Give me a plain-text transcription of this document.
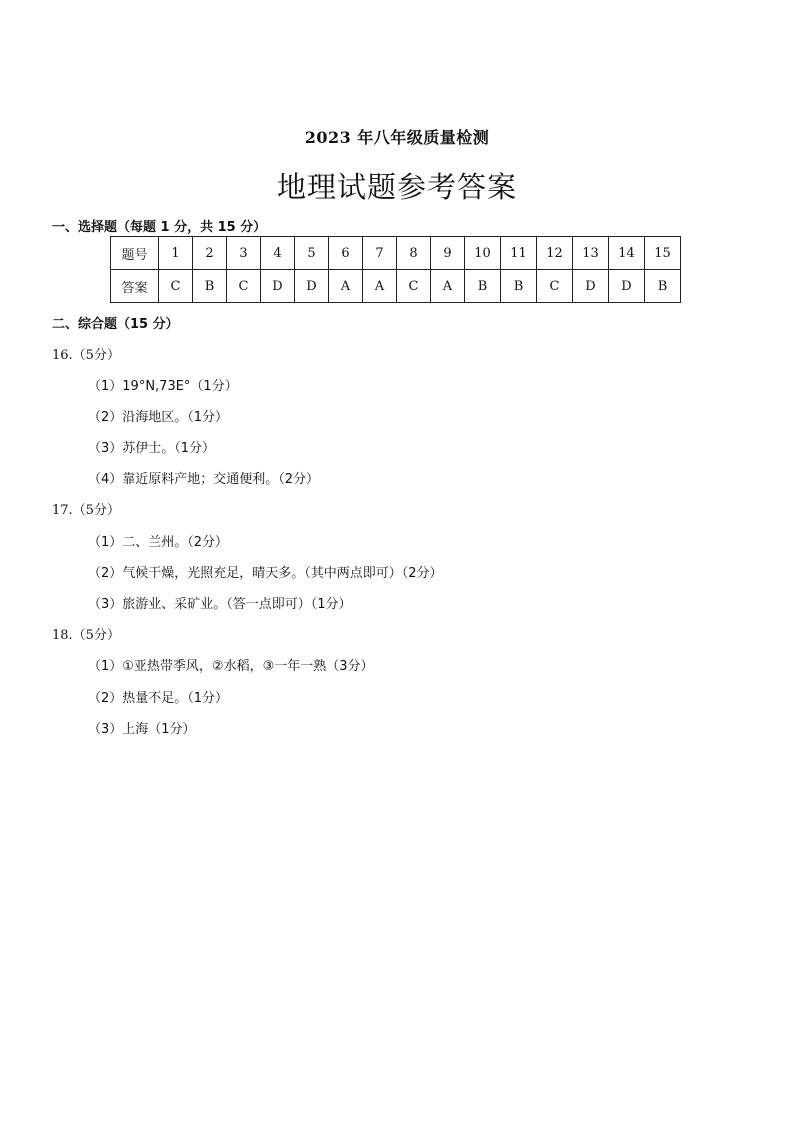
2023 年八年级质量检测
地理试题参考答案
一、选择题（每题 1 分，共 15 分）
题号	1	2	3	4	5	6	7	8	9	10	11	12	13	14	15
答案	C	B	C	D	D	A	A	C	A	B	B	C	D	D	B
二、综合题（15 分）
16.（5分）
（1）19°N,73E°（1分）
（2）沿海地区。（1分）
（3）苏伊士。（1分）
（4）靠近原料产地；交通便利。（2分）
17.（5分）
（1）二、兰州。（2分）
（2）气候干燥，光照充足，晴天多。（其中两点即可）（2分）
（3）旅游业、采矿业。（答一点即可）（1分）
18.（5分）
（1）①亚热带季风，②水稻，③一年一熟（3分）
（2）热量不足。（1分）
（3）上海（1分）
